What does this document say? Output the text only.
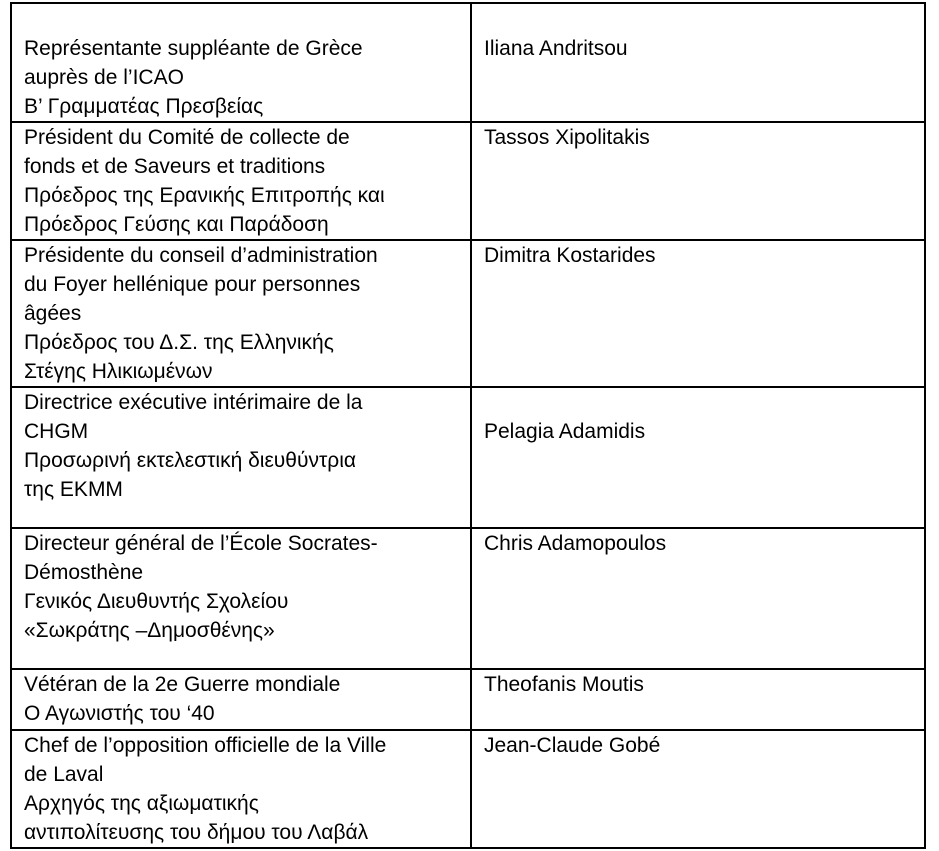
Représentante suppléante de Grèce
auprès de l’ICAO
Β’ Γραμματέας Πρεσβείας	Iliana Andritsou

Président du Comité de collecte de
fonds et de Saveurs et traditions
Πρόεδρος της Ερανικής Επιτροπής και
Πρόεδρος Γεύσης και Παράδοση	Tassos Xipolitakis

Présidente du conseil d’administration
du Foyer hellénique pour personnes
âgées
Πρόεδρος του Δ.Σ. της Ελληνικής
Στέγης Ηλικιωμένων	Dimitra Kostarides

Directrice exécutive intérimaire de la
CHGM
Προσωρινή εκτελεστική διευθύντρια
της ΕΚΜΜ	Pelagia Adamidis

Directeur général de l’École Socrates-
Démosthène
Γενικός Διευθυντής Σχολείου
«Σωκράτης –Δημοσθένης»	Chris Adamopoulos

Vétéran de la 2e Guerre mondiale
Ο Αγωνιστής του ‘40	Theofanis Moutis

Chef de l’opposition officielle de la Ville
de Laval
Αρχηγός της αξιωματικής
αντιπολίτευσης του δήμου του Λαβάλ	Jean-Claude Gobé
